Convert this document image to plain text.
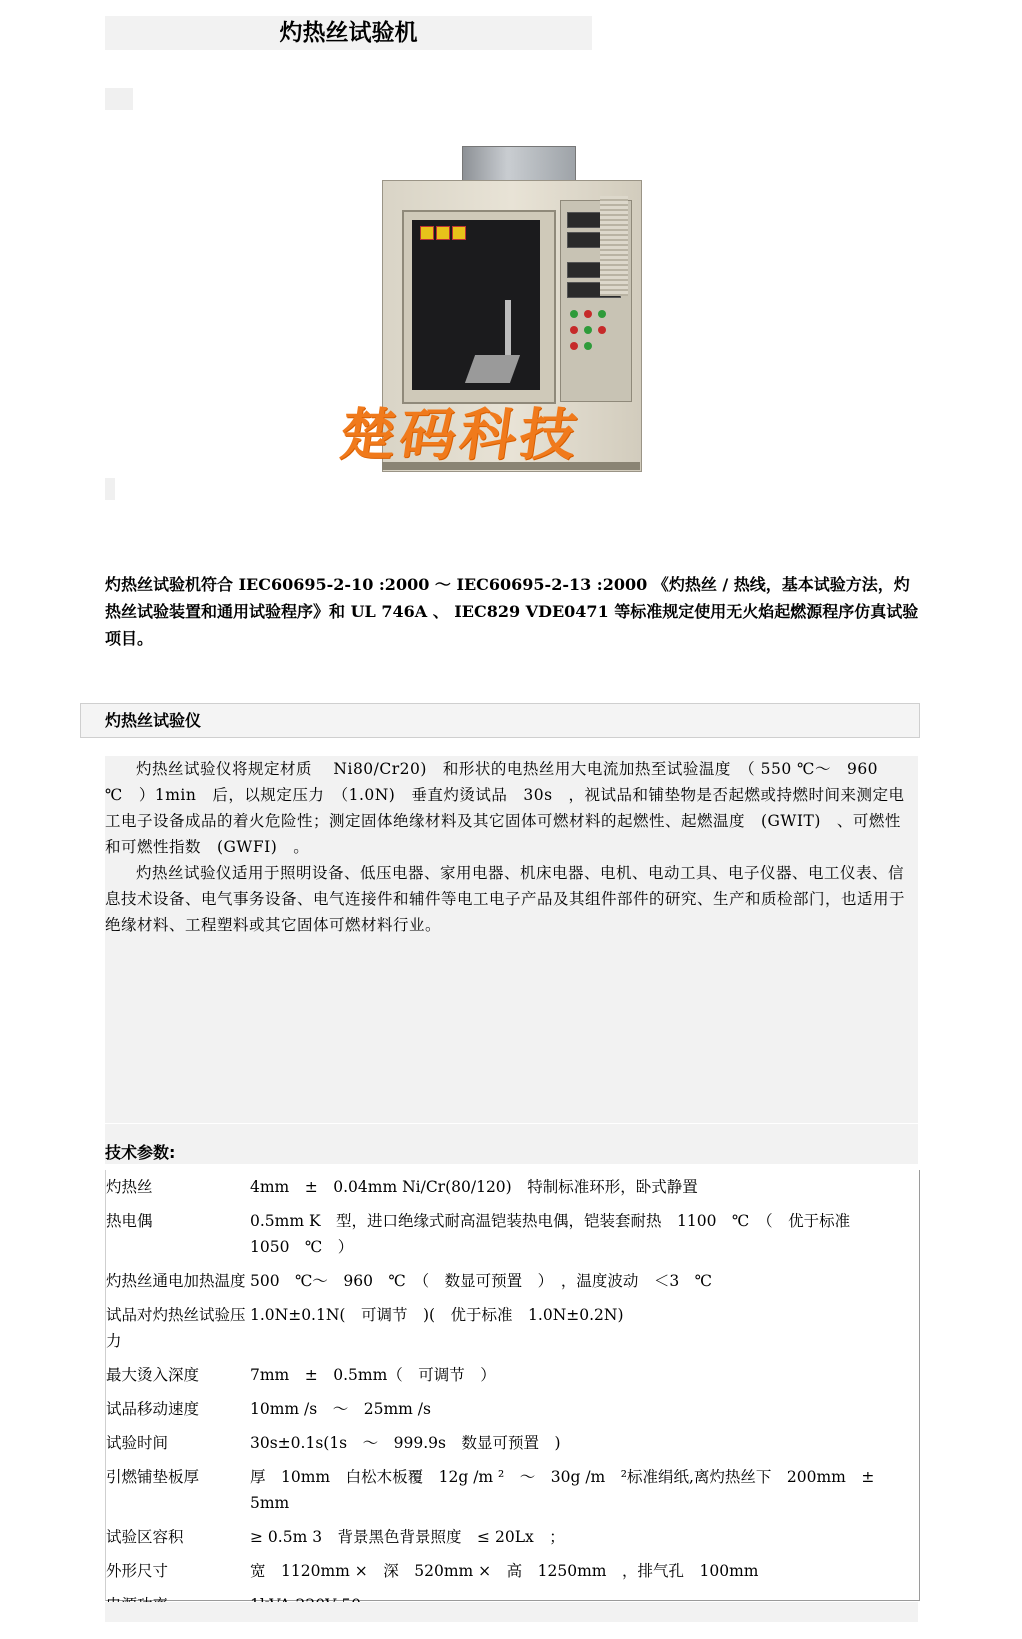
灼热丝试验机
楚码科技
灼热丝试验机符合 IEC60695-2-10 :2000 ～ IEC60695-2-13 :2000 《灼热丝 / 热线，基本试验方法，灼热丝试验装置和通用试验程序》和 UL 746A 、 IEC829 VDE0471 等标准规定使用无火焰起燃源程序仿真试验项目。
灼热丝试验仪

灼热丝试验仪将规定材质　 Ni80/Cr20)　和形状的电热丝用大电流加热至试验温度　（ 550 ℃～　960　℃　）1min　后，以规定压力　（1.0N)　垂直灼烫试品　30s　，视试品和铺垫物是否起燃或持燃时间来测定电工电子设备成品的着火危险性；测定固体绝缘材料及其它固体可燃材料的起燃性、起燃温度　(GWIT)　、可燃性和可燃性指数　(GWFI)　。

灼热丝试验仪适用于照明设备、低压电器、家用电器、机床电器、电机、电动工具、电子仪器、电工仪表、信息技术设备、电气事务设备、电气连接件和辅件等电工电子产品及其组件部件的研究、生产和质检部门，也适用于绝缘材料、工程塑料或其它固体可燃材料行业。

技术参数:
灼热丝	4mm　±　0.04mm Ni/Cr(80/120)　特制标准环形，卧式静置
热电偶	0.5mm K　型，进口绝缘式耐高温铠装热电偶，铠装套耐热　1100　℃　（　优于标准　1050　℃　）
灼热丝通电加热温度	500　℃～　960　℃　（　数显可预置　）　，温度波动　＜3　℃
试品对灼热丝试验压力	1.0N±0.1N(　可调节　)(　优于标准　1.0N±0.2N)
最大烫入深度	7mm　±　0.5mm（　可调节　）
试品移动速度	10mm /s　～　25mm /s
试验时间	30s±0.1s(1s　～　999.9s　数显可预置　)
引燃铺垫板厚	厚　10mm　白松木板覆　12g /m ²　～　30g /m　²标准绢纸,离灼热丝下　200mm　±　5mm
试验区容积	≥ 0.5m 3　背景黑色背景照度　≤ 20Lx　；
外形尺寸	宽　1120mm ×　深　520mm ×　高　1250mm　，排气孔　100mm
